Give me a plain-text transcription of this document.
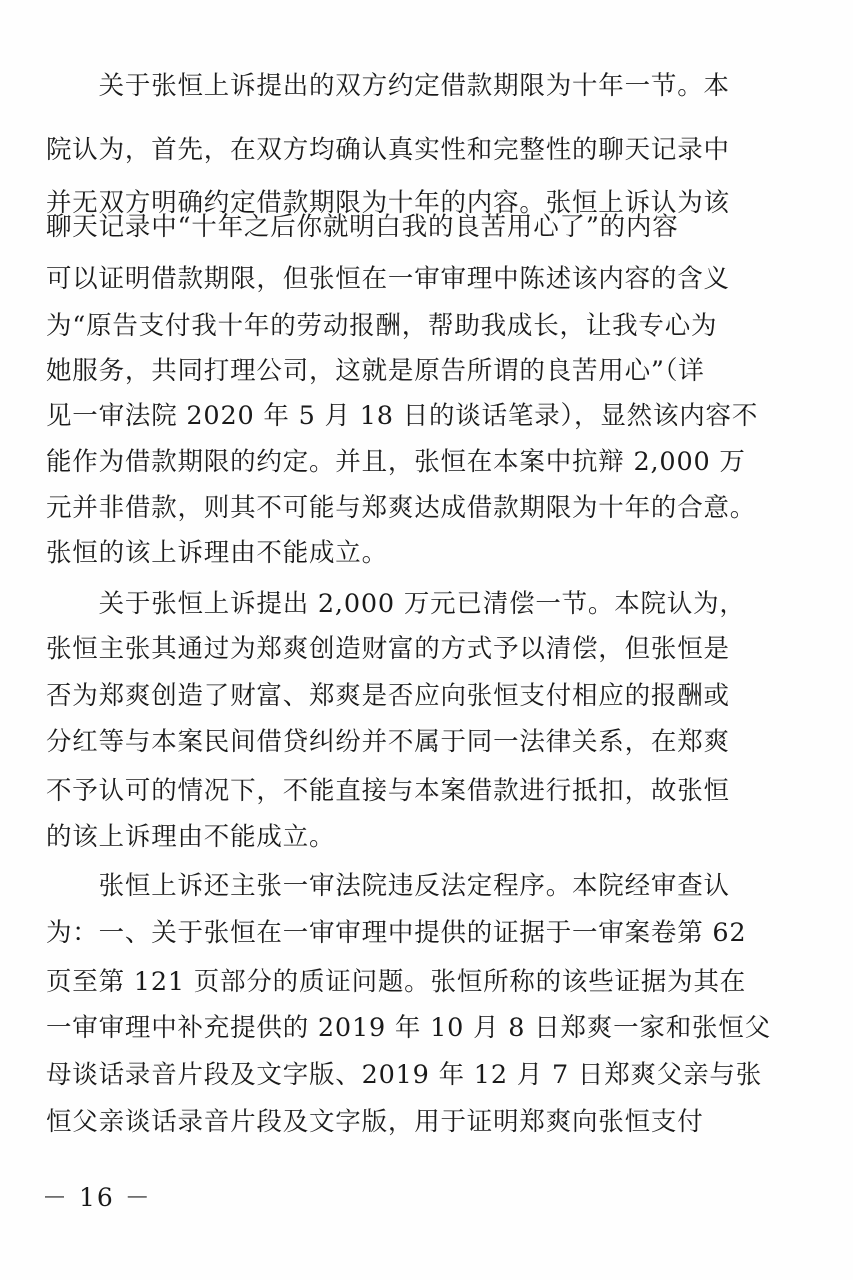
　　关于张恒上诉提出的双方约定借款期限为十年一节。本
院认为，首先，在双方均确认真实性和完整性的聊天记录中
并无双方明确约定借款期限为十年的内容。张恒上诉认为该
聊天记录中“十年之后你就明白我的良苦用心了”的内容
可以证明借款期限，但张恒在一审审理中陈述该内容的含义
为“原告支付我十年的劳动报酬，帮助我成长，让我专心为
她服务，共同打理公司，这就是原告所谓的良苦用心”（详
见一审法院 2020 年 5 月 18 日的谈话笔录），显然该内容不
能作为借款期限的约定。并且，张恒在本案中抗辩 2,000 万
元并非借款，则其不可能与郑爽达成借款期限为十年的合意。
张恒的该上诉理由不能成立。
　　关于张恒上诉提出 2,000 万元已清偿一节。本院认为，
张恒主张其通过为郑爽创造财富的方式予以清偿，但张恒是
否为郑爽创造了财富、郑爽是否应向张恒支付相应的报酬或
分红等与本案民间借贷纠纷并不属于同一法律关系，在郑爽
不予认可的情况下，不能直接与本案借款进行抵扣，故张恒
的该上诉理由不能成立。
　　张恒上诉还主张一审法院违反法定程序。本院经审查认
为：一、关于张恒在一审审理中提供的证据于一审案卷第 62
页至第 121 页部分的质证问题。张恒所称的该些证据为其在
一审审理中补充提供的 2019 年 10 月 8 日郑爽一家和张恒父
母谈话录音片段及文字版、2019 年 12 月 7 日郑爽父亲与张
恒父亲谈话录音片段及文字版，用于证明郑爽向张恒支付
－ 16 －
